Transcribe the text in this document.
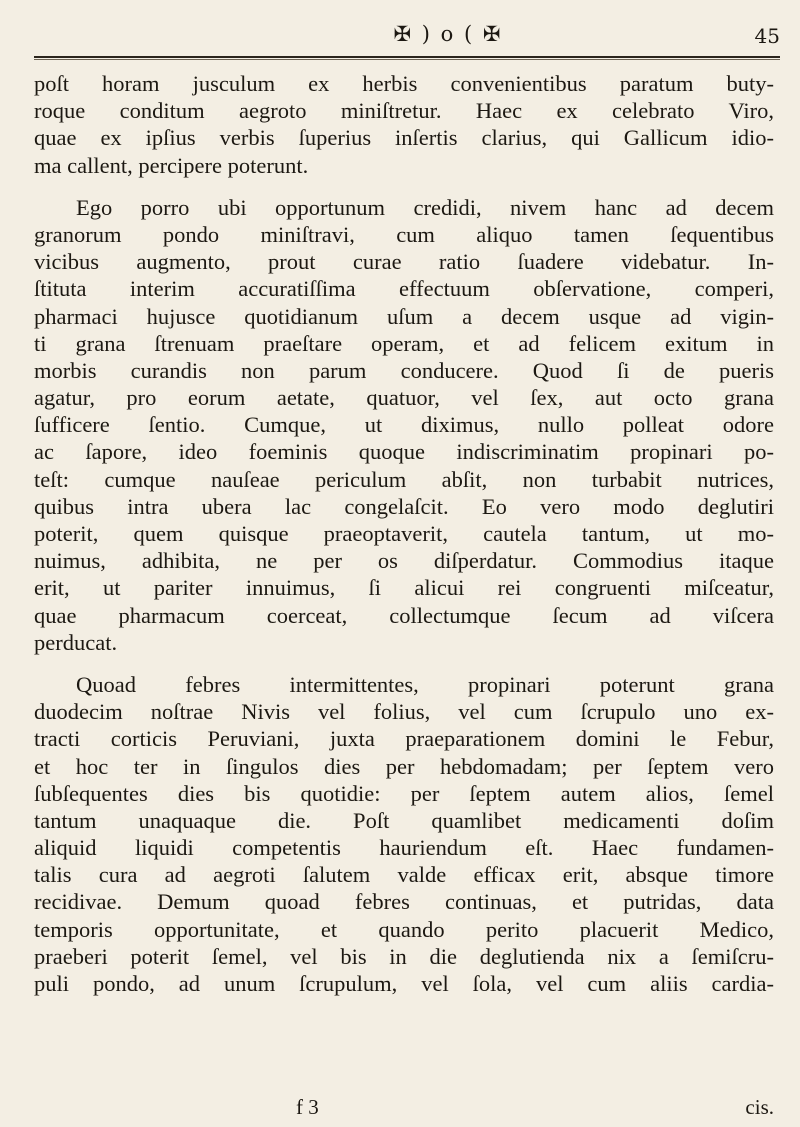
✠ ) o ( ✠	45
poſt horam jusculum ex herbis convenientibus paratum buty-
roque conditum aegroto miniſtretur. Haec ex celebrato Viro,
quae ex ipſius verbis ſuperius inſertis clarius, qui Gallicum idio-
ma callent, percipere poterunt.
Ego porro ubi opportunum credidi, nivem hanc ad decem
granorum pondo miniſtravi, cum aliquo tamen ſequentibus
vicibus augmento, prout curae ratio ſuadere videbatur. In-
ſtituta interim accuratiſſima effectuum obſervatione, comperi,
pharmaci hujusce quotidianum uſum a decem usque ad vigin-
ti grana ſtrenuam praeſtare operam, et ad felicem exitum in
morbis curandis non parum conducere. Quod ſi de pueris
agatur, pro eorum aetate, quatuor, vel ſex, aut octo grana
ſufficere ſentio. Cumque, ut diximus, nullo polleat odore
ac ſapore, ideo foeminis quoque indiscriminatim propinari po-
teſt: cumque nauſeae periculum abſit, non turbabit nutrices,
quibus intra ubera lac congelaſcit. Eo vero modo deglutiri
poterit, quem quisque praeoptaverit, cautela tantum, ut mo-
nuimus, adhibita, ne per os diſperdatur. Commodius itaque
erit, ut pariter innuimus, ſi alicui rei congruenti miſceatur,
quae pharmacum coerceat, collectumque ſecum ad viſcera
perducat.
Quoad febres intermittentes, propinari poterunt grana
duodecim noſtrae Nivis vel folius, vel cum ſcrupulo uno ex-
tracti corticis Peruviani, juxta praeparationem domini le Febur,
et hoc ter in ſingulos dies per hebdomadam; per ſeptem vero
ſubſequentes dies bis quotidie: per ſeptem autem alios, ſemel
tantum unaquaque die. Poſt quamlibet medicamenti doſim
aliquid liquidi competentis hauriendum eſt. Haec fundamen-
talis cura ad aegroti ſalutem valde efficax erit, absque timore
recidivae. Demum quoad febres continuas, et putridas, data
temporis opportunitate, et quando perito placuerit Medico,
praeberi poterit ſemel, vel bis in die deglutienda nix a ſemiſcru-
puli pondo, ad unum ſcrupulum, vel ſola, vel cum aliis cardia-
f 3	cis.
